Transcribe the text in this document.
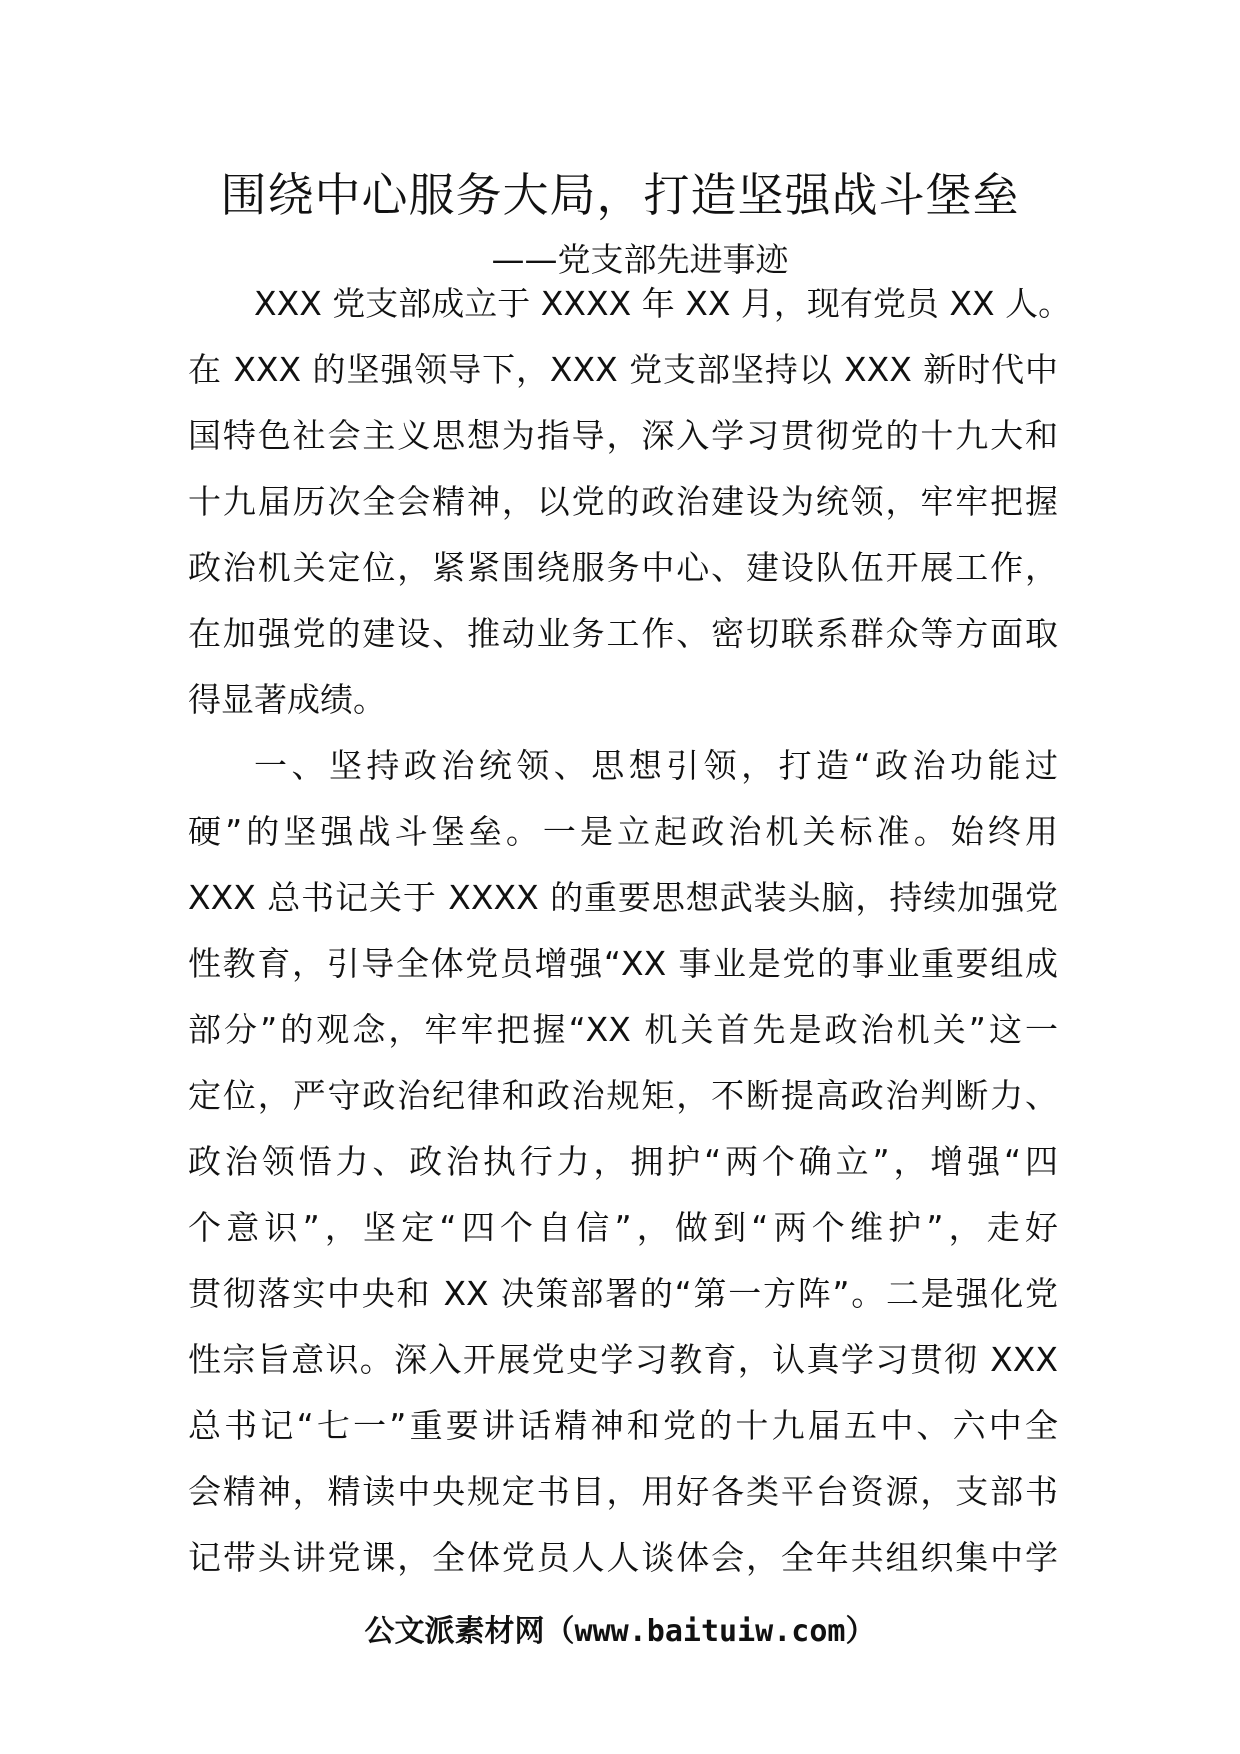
围绕中心服务大局，打造坚强战斗堡垒
——党支部先进事迹
XXX 党支部成立于 XXXX 年 XX 月，现有党员 XX 人。
在 XXX 的坚强领导下，XXX 党支部坚持以 XXX 新时代中
国特色社会主义思想为指导，深入学习贯彻党的十九大和
十九届历次全会精神，以党的政治建设为统领，牢牢把握
政治机关定位，紧紧围绕服务中心、建设队伍开展工作，
在加强党的建设、推动业务工作、密切联系群众等方面取
得显著成绩。
一、坚持政治统领、思想引领，打造“政治功能过
硬”的坚强战斗堡垒。一是立起政治机关标准。始终用
XXX 总书记关于 XXXX 的重要思想武装头脑，持续加强党
性教育，引导全体党员增强“XX 事业是党的事业重要组成
部分”的观念，牢牢把握“XX 机关首先是政治机关”这一
定位，严守政治纪律和政治规矩，不断提高政治判断力、
政治领悟力、政治执行力，拥护“两个确立”，增强“四
个意识”，坚定“四个自信”，做到“两个维护”，走好
贯彻落实中央和 XX 决策部署的“第一方阵”。二是强化党
性宗旨意识。深入开展党史学习教育，认真学习贯彻 XXX
总书记“七一”重要讲话精神和党的十九届五中、六中全
会精神，精读中央规定书目，用好各类平台资源，支部书
记带头讲党课，全体党员人人谈体会，全年共组织集中学
公文派素材网（www.baituiw.com）
